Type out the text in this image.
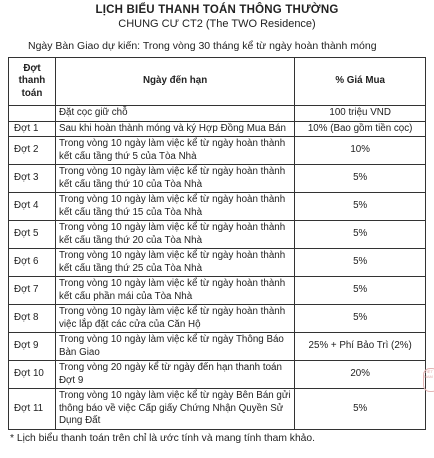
LỊCH BIỂU THANH TOÁN THÔNG THƯỜNG
CHUNG CƯ CT2 (The TWO Residence)
Ngày Bàn Giao dự kiến: Trong vòng 30 tháng kể từ ngày hoàn thành móng
Đợt thanh toán	Ngày đến hạn	% Giá Mua
	Đặt cọc giữ chỗ	100 triệu VND
Đợt 1	Sau khi hoàn thành móng và ký Hợp Đồng Mua Bán	10% (Bao gồm tiền cọc)
Đợt 2	Trong vòng 10 ngày làm việc kể từ ngày hoàn thành kết cấu tầng thứ 5 của Tòa Nhà	10%
Đợt 3	Trong vòng 10 ngày làm việc kể từ ngày hoàn thành kết cấu tầng thứ 10 của Tòa Nhà	5%
Đợt 4	Trong vòng 10 ngày làm việc kể từ ngày hoàn thành kết cấu tầng thứ 15 của Tòa Nhà	5%
Đợt 5	Trong vòng 10 ngày làm việc kể từ ngày hoàn thành kết cấu tầng thứ 20 của Tòa Nhà	5%
Đợt 6	Trong vòng 10 ngày làm việc kể từ ngày hoàn thành kết cấu tầng thứ 25 của Tòa Nhà	5%
Đợt 7	Trong vòng 10 ngày làm việc kể từ ngày hoàn thành kết cấu phần mái của Tòa Nhà	5%
Đợt 8	Trong vòng 10 ngày làm việc kể từ ngày hoàn thành việc lắp đặt các cửa của Căn Hộ	5%
Đợt 9	Trong vòng 10 ngày làm việc kể từ ngày Thông Báo Bàn Giao	25% + Phí Bảo Trì (2%)
Đợt 10	Trong vòng 20 ngày kể từ ngày đến hạn thanh toán Đợt 9	20%
Đợt 11	Trong vòng 10 ngày làm việc kể từ ngày Bên Bán gửi thông báo về việc Cấp giấy Chứng Nhận Quyền Sử Dụng Đất	5%
* Lịch biểu thanh toán trên chỉ là ước tính và mang tính tham khảo.
VIỆT NAM
